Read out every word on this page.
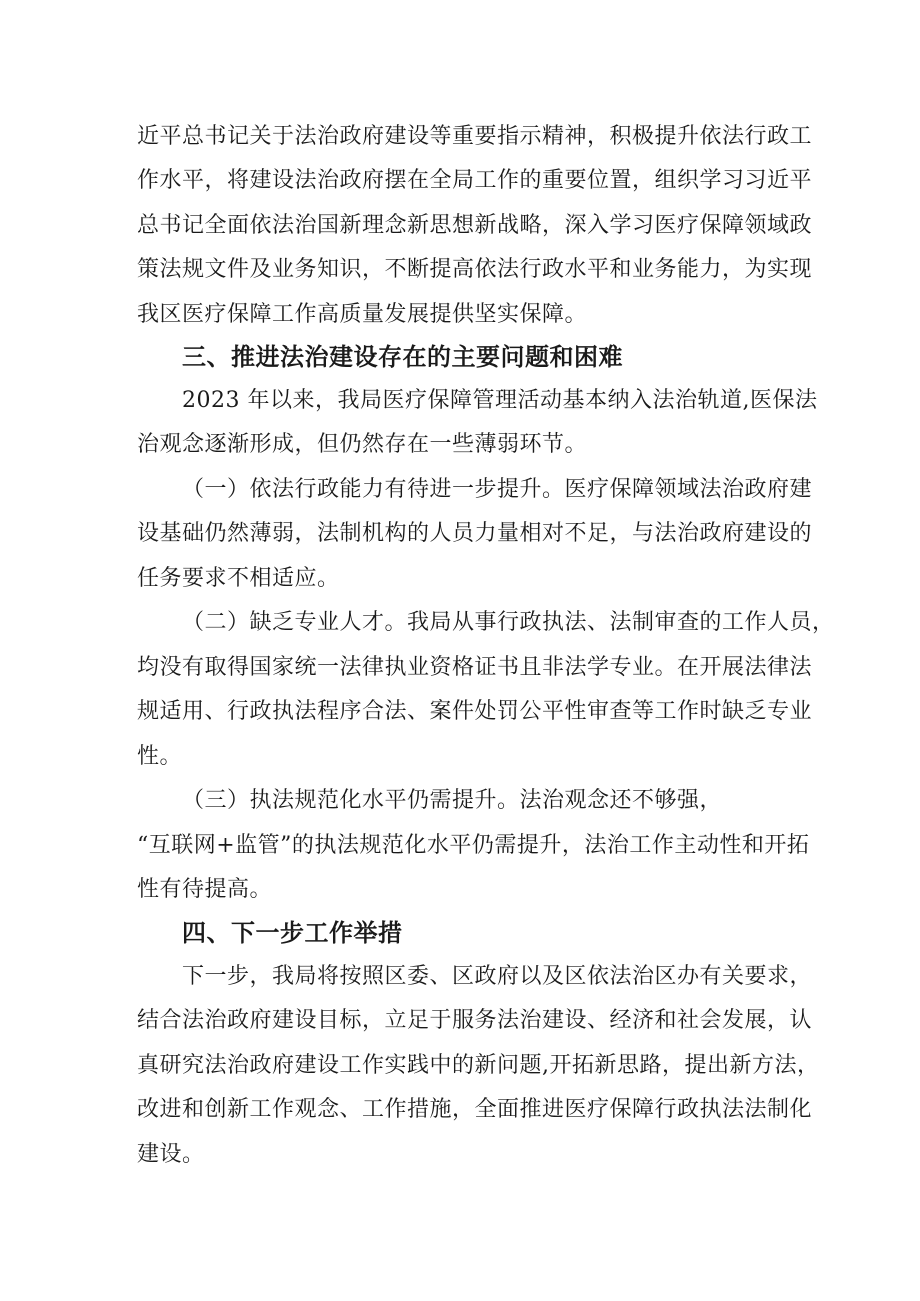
近平总书记关于法治政府建设等重要指示精神，积极提升依法行政工
作水平，将建设法治政府摆在全局工作的重要位置，组织学习习近平
总书记全面依法治国新理念新思想新战略，深入学习医疗保障领域政
策法规文件及业务知识，不断提高依法行政水平和业务能力，为实现
我区医疗保障工作高质量发展提供坚实保障。
三、推进法治建设存在的主要问题和困难
2023 年以来，我局医疗保障管理活动基本纳入法治轨道,医保法
治观念逐渐形成，但仍然存在一些薄弱环节。
（一）依法行政能力有待进一步提升。医疗保障领域法治政府建
设基础仍然薄弱，法制机构的人员力量相对不足，与法治政府建设的
任务要求不相适应。
（二）缺乏专业人才。我局从事行政执法、法制审查的工作人员，
均没有取得国家统一法律执业资格证书且非法学专业。在开展法律法
规适用、行政执法程序合法、案件处罚公平性审查等工作时缺乏专业
性。
（三）执法规范化水平仍需提升。法治观念还不够强，
“互联网+监管”的执法规范化水平仍需提升，法治工作主动性和开拓
性有待提高。
四、下一步工作举措
下一步，我局将按照区委、区政府以及区依法治区办有关要求，
结合法治政府建设目标，立足于服务法治建设、经济和社会发展，认
真研究法治政府建设工作实践中的新问题,开拓新思路，提出新方法，
改进和创新工作观念、工作措施，全面推进医疗保障行政执法法制化
建设。
